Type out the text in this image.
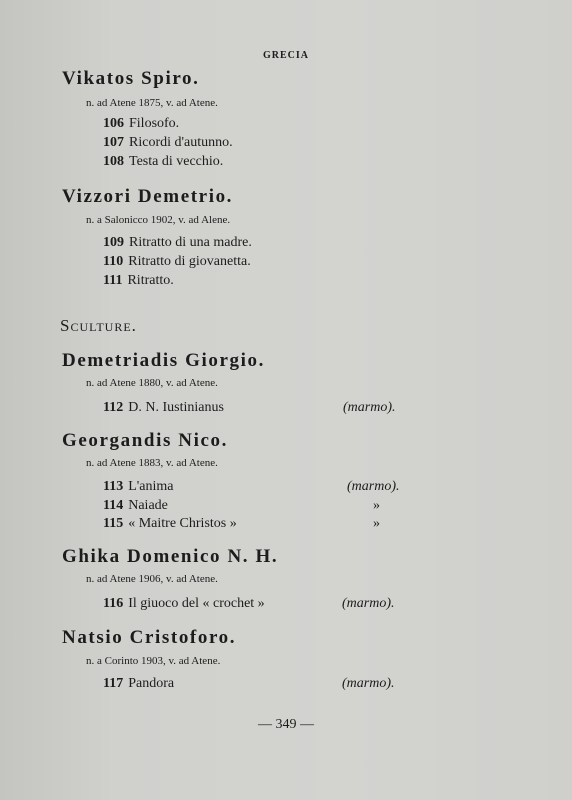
GRECIA
Vikatos Spiro.
n. ad Atene 1875, v. ad Atene.
106 Filosofo.
107 Ricordi d'autunno.
108 Testa di vecchio.
Vizzori Demetrio.
n. a Salonicco 1902, v. ad Alene.
109 Ritratto di una madre.
110 Ritratto di giovanetta.
111 Ritratto.
Sculture.
Demetriadis Giorgio.
n. ad Atene 1880, v. ad Atene.
112 D. N. Iustinianus	(marmo).
Georgandis Nico.
n. ad Atene 1883, v. ad Atene.
113 L'anima	(marmo).
114 Naiade	»
115 « Maitre Christos »	»
Ghika Domenico N. H.
n. ad Atene 1906, v. ad Atene.
116 Il giuoco del « crochet »	(marmo).
Natsio Cristoforo.
n. a Corinto 1903, v. ad Atene.
117 Pandora	(marmo).
— 349 —
